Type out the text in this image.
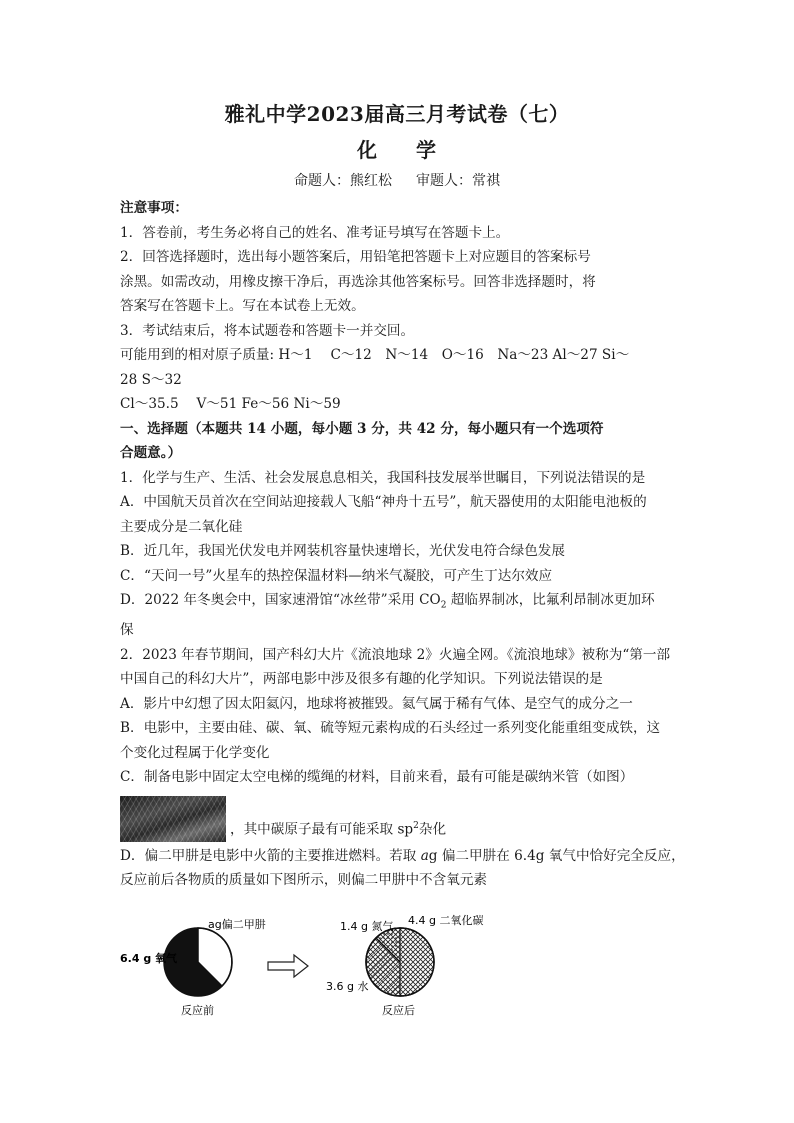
雅礼中学2023届高三月考试卷（七）
化 学
命题人：熊红松 审题人：常祺
注意事项：
1．答卷前，考生务必将自己的姓名、准考证号填写在答题卡上。
2．回答选择题时，选出每小题答案后，用铅笔把答题卡上对应题目的答案标号
涂黑。如需改动，用橡皮擦干净后，再选涂其他答案标号。回答非选择题时，将
答案写在答题卡上。写在本试卷上无效。
3．考试结束后，将本试题卷和答题卡一并交回。
可能用到的相对原子质量: H～1　 C～12　N～14　O～16　Na～23 Al～27 Si～
28 S～32
Cl～35.5　 V～51 Fe～56 Ni～59
一、选择题（本题共 14 小题，每小题 3 分，共 42 分，每小题只有一个选项符
合题意。）
1．化学与生产、生活、社会发展息息相关，我国科技发展举世瞩目，下列说法错误的是
A．中国航天员首次在空间站迎接载人飞船“神舟十五号”，航天器使用的太阳能电池板的
主要成分是二氧化硅
B．近几年，我国光伏发电并网装机容量快速增长，光伏发电符合绿色发展
C．“天问一号”火星车的热控保温材料—纳米气凝胶，可产生丁达尔效应
D．2022 年冬奥会中，国家速滑馆“冰丝带”采用 $CO_2$ 超临界制冰，比氟利昂制冰更加环
保
2．2023 年春节期间，国产科幻大片《流浪地球 2》火遍全网。《流浪地球》被称为“第一部
中国自己的科幻大片”，两部电影中涉及很多有趣的化学知识。下列说法错误的是
A．影片中幻想了因太阳氦闪，地球将被摧毁。氦气属于稀有气体、是空气的成分之一
B．电影中，主要由硅、碳、氧、硫等短元素构成的石头经过一系列变化能重组变成铁，这
个变化过程属于化学变化
C．制备电影中固定太空电梯的缆绳的材料，目前来看，最有可能是碳纳米管（如图）
，其中碳原子最有可能采取 $sp^2$杂化
D．偏二甲肼是电影中火箭的主要推进燃料。若取 ag 偏二甲肼在 6.4g 氧气中恰好完全反应，
反应前后各物质的质量如下图所示，则偏二甲肼中不含氧元素
ag偏二甲肼
6.4 g 氧气
反应前
1.4 g 氮气 4.4 g 二氧化碳
3.6 g 水
反应后
